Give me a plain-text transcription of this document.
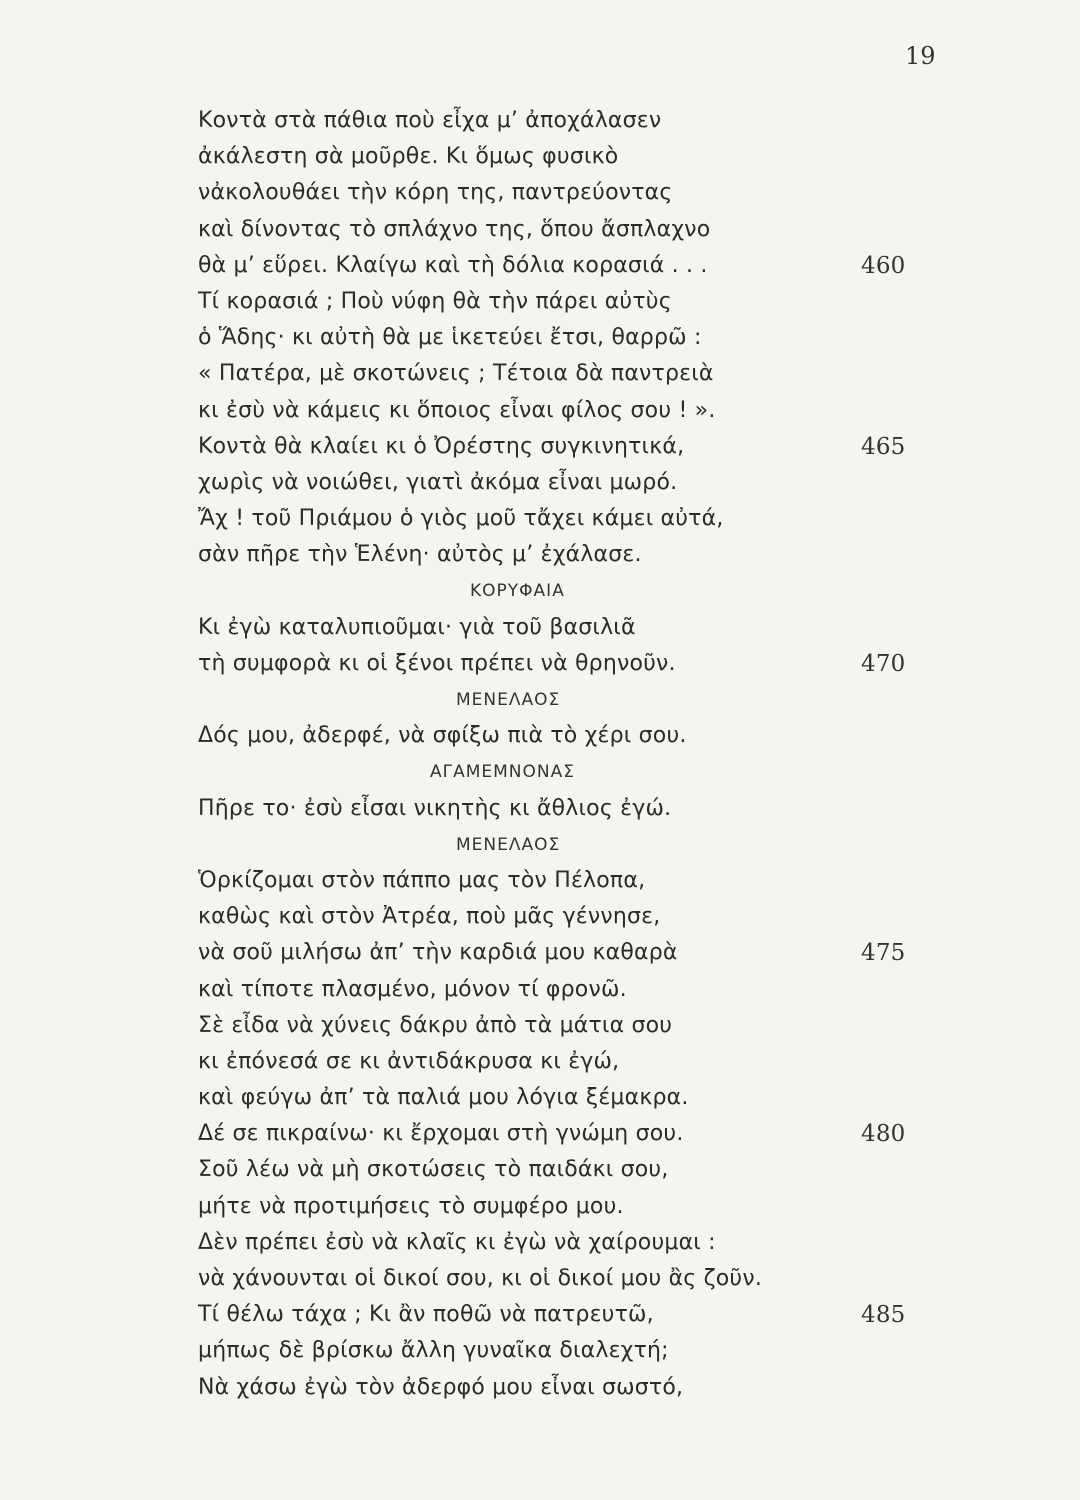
19
Κοντὰ στὰ πάθια ποὺ εἶχα μ’ ἀποχάλασεν
ἀκάλεστη σὰ μοῦρθε. Κι ὅμως φυσικὸ
νἀκολουθάει τὴν κόρη της, παντρεύοντας
καὶ δίνοντας τὸ σπλάχνο της, ὅπου ἄσπλαχνο
θὰ μ’ εὕρει. Κλαίγω καὶ τὴ δόλια κορασιά . . .	460
Τί κορασιά ; Ποὺ νύφη θὰ τὴν πάρει αὐτὺς
ὁ Ἅδης· κι αὐτὴ θὰ με ἱκετεύει ἔτσι, θαρρῶ :
« Πατέρα, μὲ σκοτώνεις ; Τέτοια δὰ παντρειὰ
κι ἐσὺ νὰ κάμεις κι ὅποιος εἶναι φίλος σου ! ».
Κοντὰ θὰ κλαίει κι ὁ Ὀρέστης συγκινητικά,	465
χωρὶς νὰ νοιώθει, γιατὶ ἀκόμα εἶναι μωρό.
Ἄχ ! τοῦ Πριάμου ὁ γιὸς μοῦ τἄχει κάμει αὐτά,
σὰν πῆρε τὴν Ἑλένη· αὐτὸς μ’ ἐχάλασε.
ΚΟΡΥΦΑΙΑ
Κι ἐγὼ καταλυπιοῦμαι· γιὰ τοῦ βασιλιᾶ
τὴ συμφορὰ κι οἱ ξένοι πρέπει νὰ θρηνοῦν.	470
ΜΕΝΕΛΑΟΣ
Δός μου, ἀδερφέ, νὰ σφίξω πιὰ τὸ χέρι σου.
ΑΓΑΜΕΜΝΟΝΑΣ
Πῆρε το· ἐσὺ εἶσαι νικητὴς κι ἄθλιος ἐγώ.
ΜΕΝΕΛΑΟΣ
Ὁρκίζομαι στὸν πάππο μας τὸν Πέλοπα,
καθὼς καὶ στὸν Ἀτρέα, ποὺ μᾶς γέννησε,
νὰ σοῦ μιλήσω ἀπ’ τὴν καρδιά μου καθαρὰ	475
καὶ τίποτε πλασμένο, μόνον τί φρονῶ.
Σὲ εἶδα νὰ χύνεις δάκρυ ἀπὸ τὰ μάτια σου
κι ἐπόνεσά σε κι ἀντιδάκρυσα κι ἐγώ,
καὶ φεύγω ἀπ’ τὰ παλιά μου λόγια ξέμακρα.
Δέ σε πικραίνω· κι ἔρχομαι στὴ γνώμη σου.	480
Σοῦ λέω νὰ μὴ σκοτώσεις τὸ παιδάκι σου,
μήτε νὰ προτιμήσεις τὸ συμφέρο μου.
Δὲν πρέπει ἐσὺ νὰ κλαῖς κι ἐγὼ νὰ χαίρουμαι :
νὰ χάνουνται οἱ δικοί σου, κι οἱ δικοί μου ἂς ζοῦν.
Τί θέλω τάχα ; Κι ἂν ποθῶ νὰ πατρευτῶ,	485
μήπως δὲ βρίσκω ἄλλη γυναῖκα διαλεχτή;
Νὰ χάσω ἐγὼ τὸν ἀδερφό μου εἶναι σωστό,
